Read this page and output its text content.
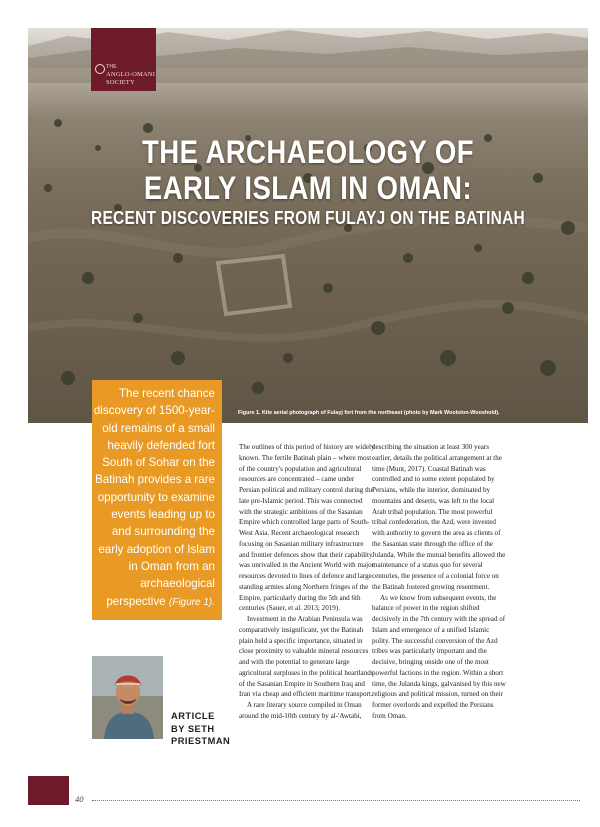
THE
ANGLO-OMANI
SOCIETY
THE ARCHAEOLOGY OF
EARLY ISLAM IN OMAN:
RECENT DISCOVERIES FROM FULAYJ ON THE BATINAH
Figure 1. Kite aerial photograph of Fulayj fort from the northeast (photo by Mark Woolston-Wooshold).

The recent chance discovery of 1500-year-old remains of a small heavily defended fort South of Sohar on the Batinah provides a rare opportunity to examine events leading up to and surrounding the early adoption of Islam in Oman from an archaeological perspective (Figure 1).

ARTICLE
BY SETH
PRIESTMAN

The outlines of this period of history are widely known. The fertile Batinah plain – where most of the country's population and agricultural resources are concentrated – came under Persian political and military control during the late pre-Islamic period. This was connected with the strategic ambitions of the Sasanian Empire which controlled large parts of South-West Asia. Recent archaeological research focusing on Sasanian military infrastructure and frontier defences show that their capability was unrivalled in the Ancient World with major resources devoted to lines of defence and large standing armies along Northern fringes of the Empire, particularly during the 5th and 6th centuries (Sauer, et al. 2013; 2019).

Investment in the Arabian Peninsula was comparatively insignificant, yet the Batinah plain held a specific importance, situated in close proximity to valuable mineral resources and with the potential to generate large agricultural surpluses in the political heartlands of the Sasanian Empire in Southern Iraq and Iran via cheap and efficient maritime transport.

A rare literary source compiled in Oman around the mid-10th century by al-'Awtabi,

describing the situation at least 300 years earlier, details the political arrangement at the time (Munt, 2017). Coastal Batinah was controlled and to some extent populated by Persians, while the interior, dominated by mountains and deserts, was left to the local Arab tribal population. The most powerful tribal confederation, the Azd, were invested with authority to govern the area as clients of the Sasanian state through the office of the Julanda. While the mutual benefits allowed the maintenance of a status quo for several centuries, the presence of a colonial force on the Batinah fostered growing resentment.

As we know from subsequent events, the balance of power in the region shifted decisively in the 7th century with the spread of Islam and emergence of a unified Islamic polity. The successful conversion of the Azd tribes was particularly important and the decisive, bringing onside one of the most powerful factions in the region. Within a short time, the Julanda kings, galvanised by this new religious and political mission, turned on their former overlords and expelled the Persians from Oman.

40
